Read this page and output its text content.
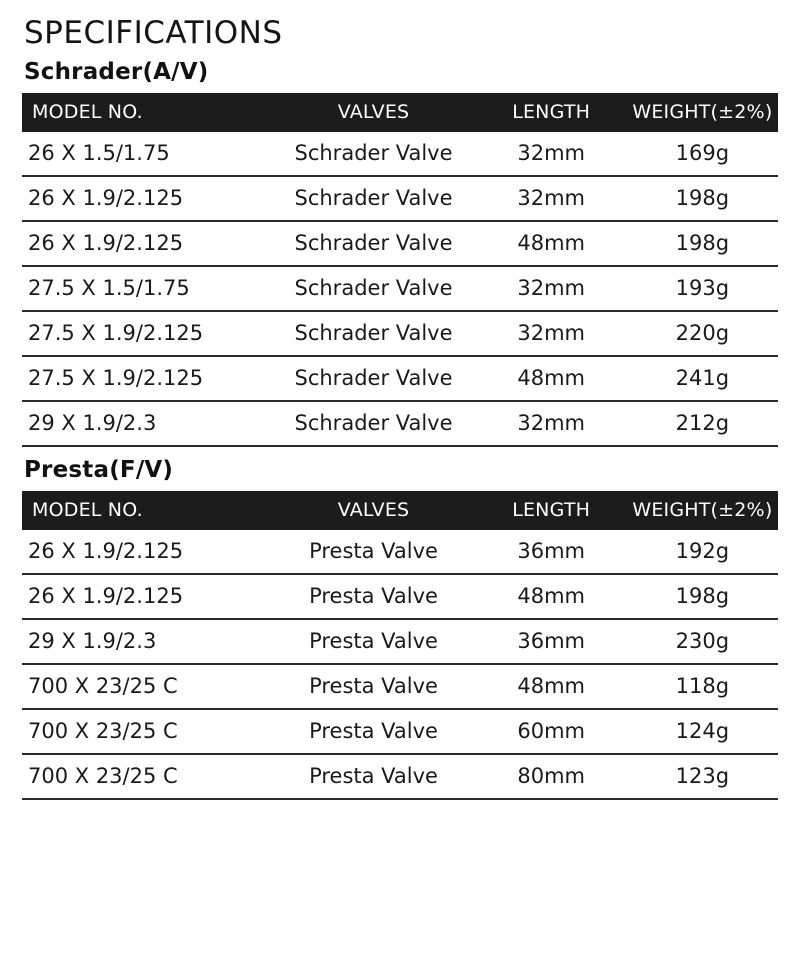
SPECIFICATIONS
Schrader(A/V)
MODEL NO.	VALVES	LENGTH	WEIGHT(±2%)
26 X 1.5/1.75	Schrader Valve	32mm	169g
26 X 1.9/2.125	Schrader Valve	32mm	198g
26 X 1.9/2.125	Schrader Valve	48mm	198g
27.5 X 1.5/1.75	Schrader Valve	32mm	193g
27.5 X 1.9/2.125	Schrader Valve	32mm	220g
27.5 X 1.9/2.125	Schrader Valve	48mm	241g
29 X 1.9/2.3	Schrader Valve	32mm	212g
Presta(F/V)
MODEL NO.	VALVES	LENGTH	WEIGHT(±2%)
26 X 1.9/2.125	Presta Valve	36mm	192g
26 X 1.9/2.125	Presta Valve	48mm	198g
29 X 1.9/2.3	Presta Valve	36mm	230g
700 X 23/25 C	Presta Valve	48mm	118g
700 X 23/25 C	Presta Valve	60mm	124g
700 X 23/25 C	Presta Valve	80mm	123g
